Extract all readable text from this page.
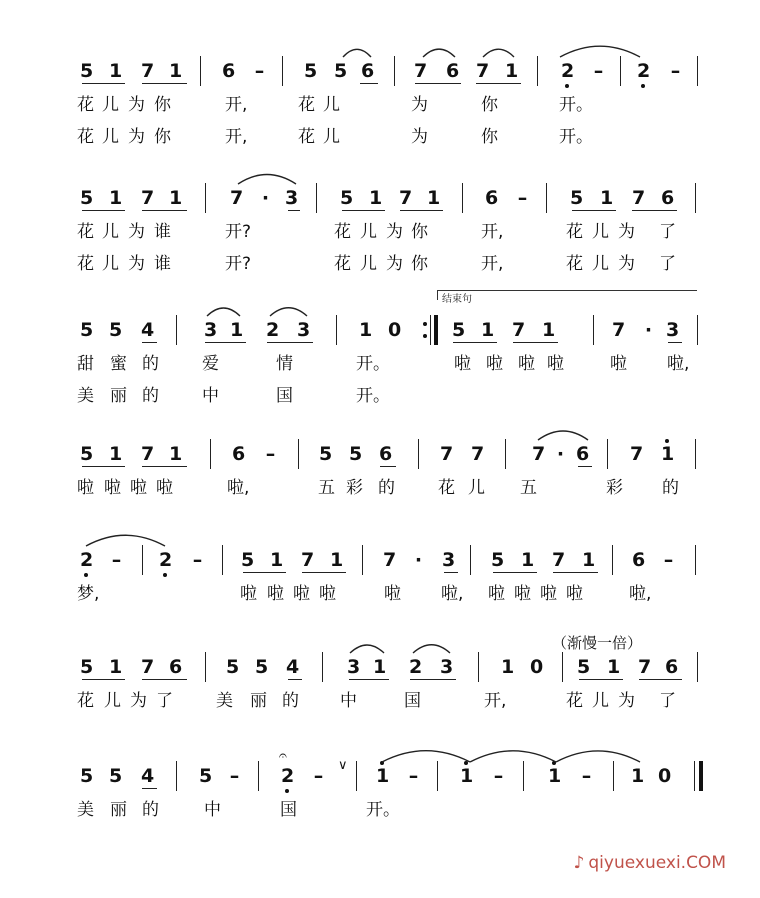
5 1 7 1 6 – 5 5 6 7 6 7 1 2 – 2 –
花 儿 为 你	开,	花 儿	为	你	开。
花 儿 为 你	开,	花 儿	为	你	开。
5 1 7 1	7 · 3 5 1 7 1 6 – 5 1 7 6
花 儿 为 谁	开?	花 儿 为 你	开,	花 儿 为 了
花 儿 为 谁	开?	花 儿 为 你	开,	花 儿 为 了
5 5 4	3 1 2 3	1 0	5 1 7 1	7 · 3
甜 蜜 的	爱	情	开。	啦 啦 啦 啦	啦 啦,
美 丽 的	中	国	开。
5 1 7 1	6 – 5 5 6	7 7	7 · 6 7 1
啦 啦 啦 啦	啦,	五 彩 的	花 儿 五	彩 的
2 – 2 – 5 1 7 1 7 · 3 5 1 7 1 6 –
梦,	啦 啦 啦 啦	啦 啦, 啦 啦 啦 啦	啦,
5 1 7 6 5 5 4	3 1 2 3	1 0 5 1 7 6
花 儿 为 了	美 丽 的 中	国	开,	花 儿 为 了
5 5 4 5 – 2
𝄐
– ∨ 1 – 1 – 1 – 1 0
美 丽 的	中	国	开。
结束句
（渐慢一倍）
♪ qiyuexuexi.COM
